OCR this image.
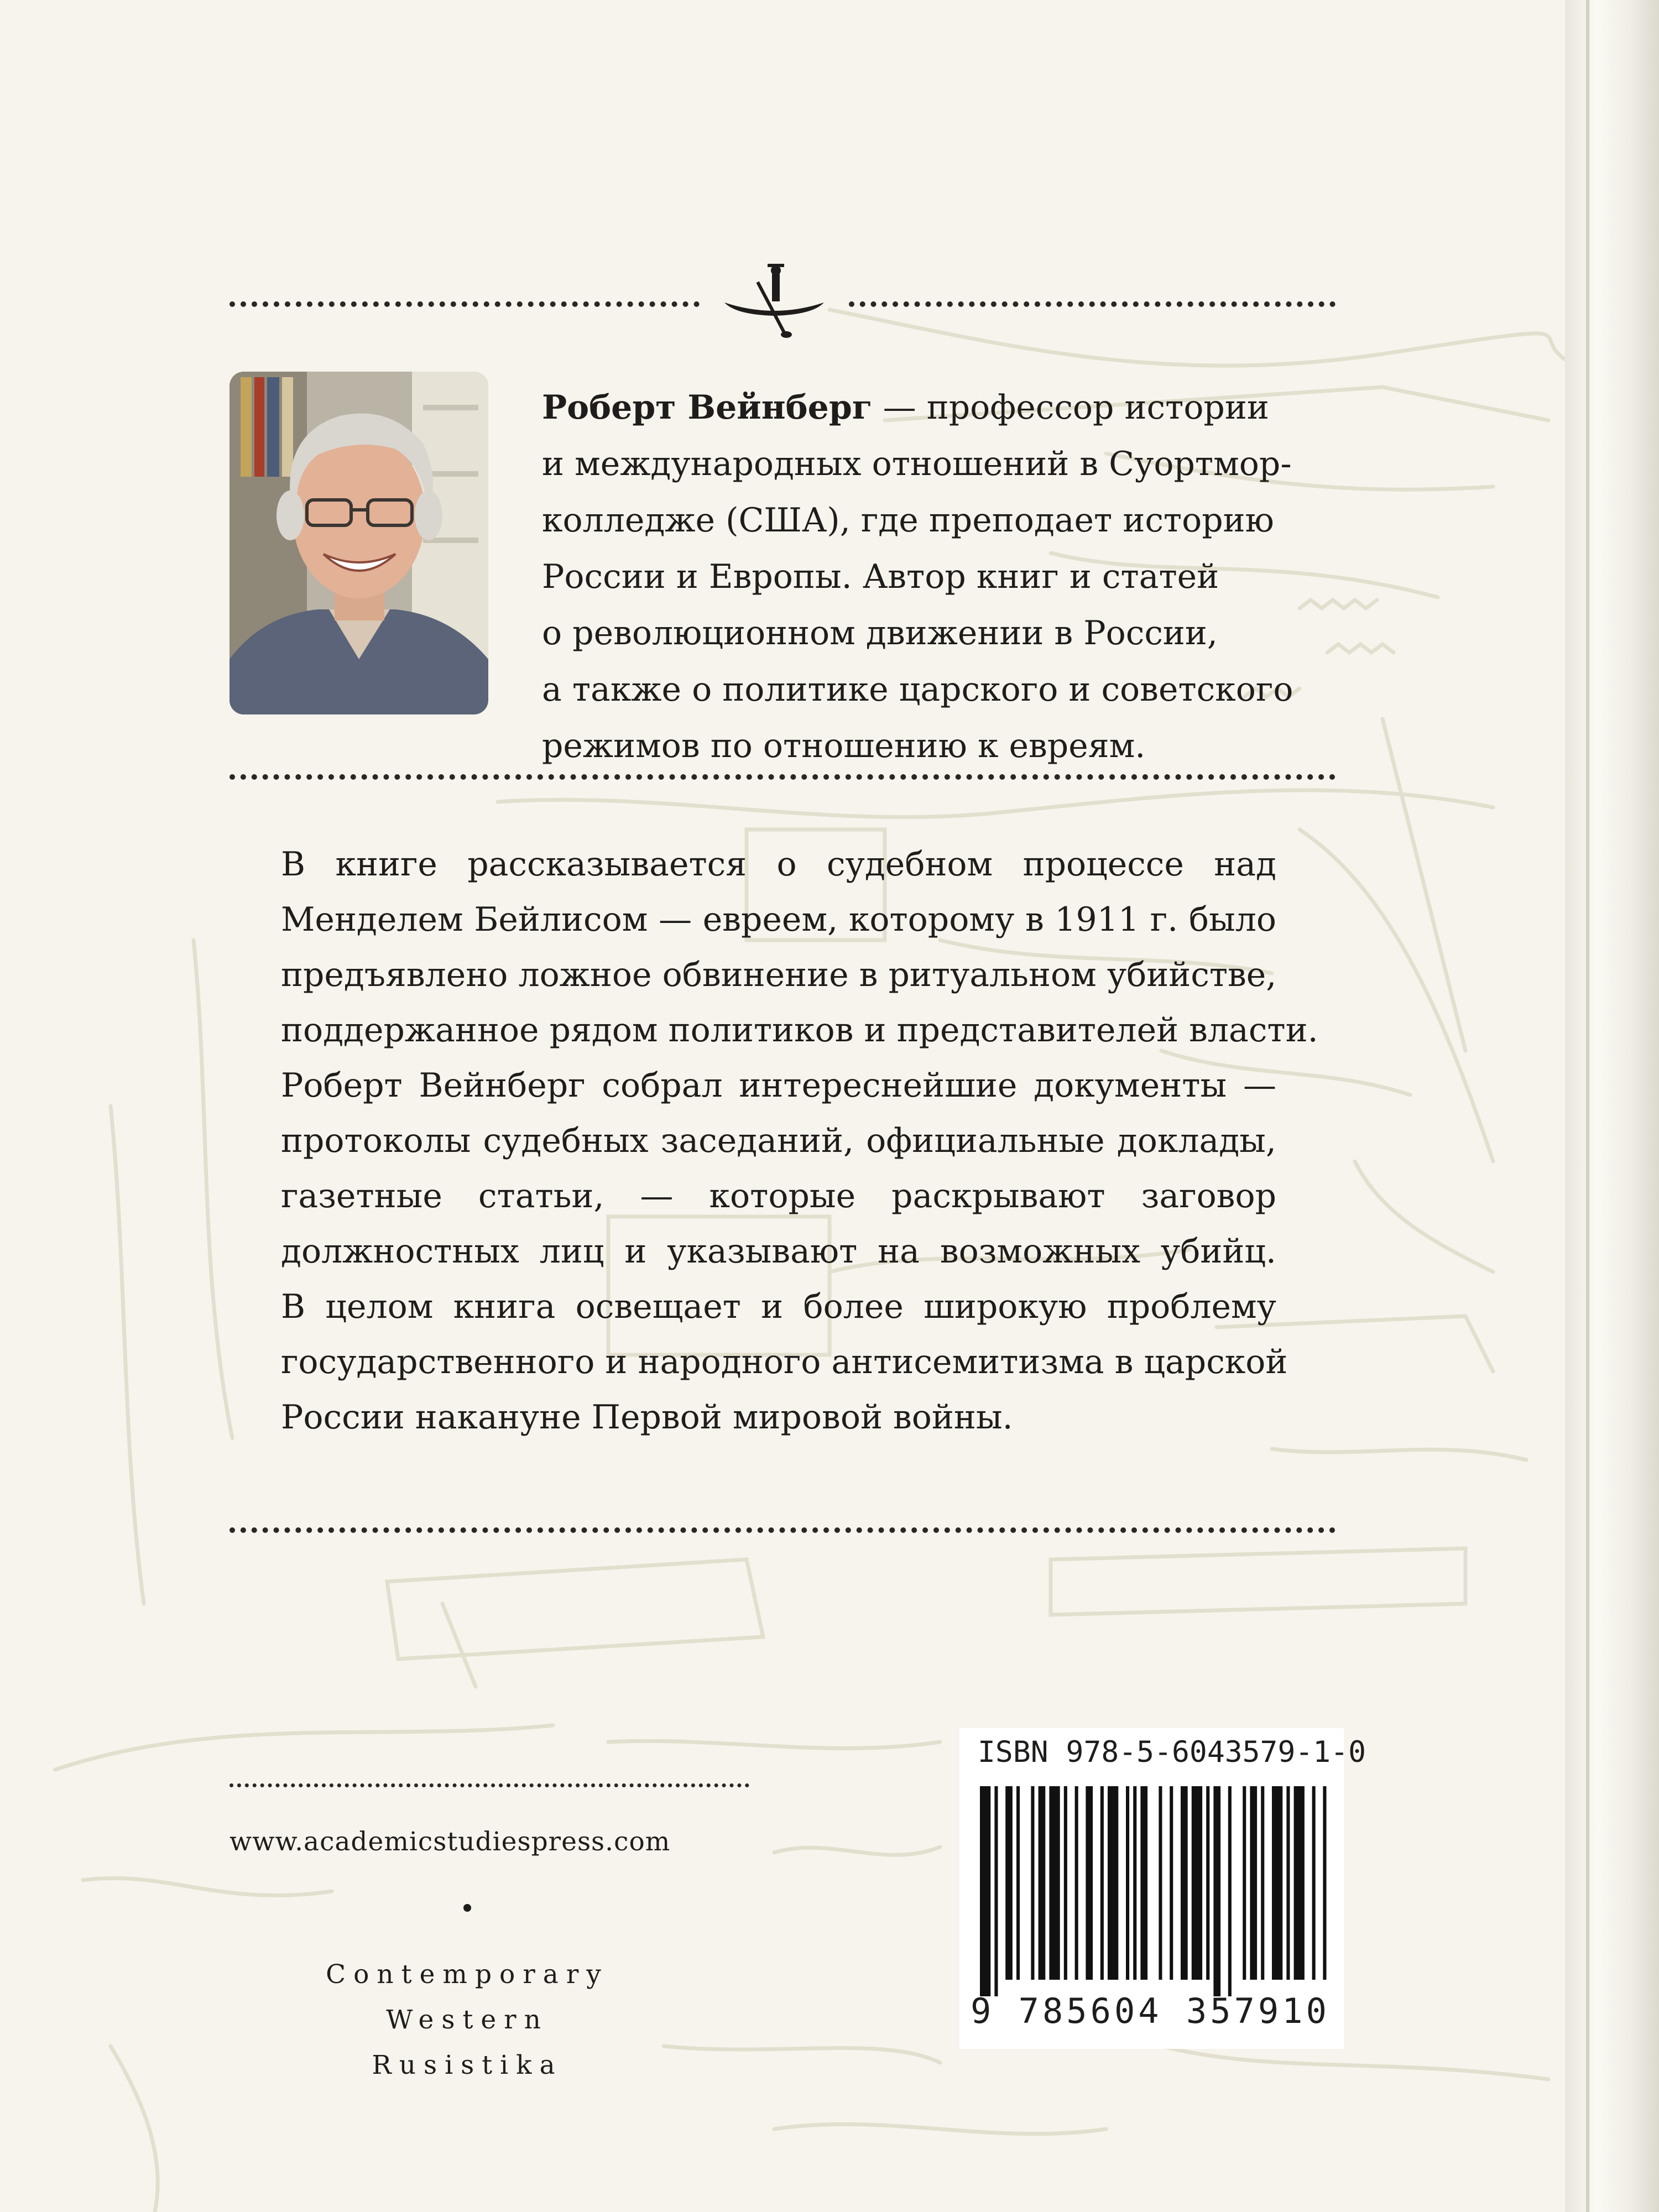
Роберт Вейнберг — профессор истории
и международных отношений в Суортмор-
колледже (США), где преподает историю
России и Европы. Автор книг и статей
о революционном движении в России,
а также о политике царского и советского
режимов по отношению к евреям.
В книге рассказывается о судебном процессе над
Менделем Бейлисом — евреем, которому в 1911 г. было
предъявлено ложное обвинение в ритуальном убийстве,
поддержанное рядом политиков и представителей власти.
Роберт Вейнберг собрал интереснейшие документы —
протоколы судебных заседаний, официальные доклады,
газетные статьи, — которые раскрывают заговор
должностных лиц и указывают на возможных убийц.
В целом книга освещает и более широкую проблему
государственного и народного антисемитизма в царской
России накануне Первой мировой войны.
www.academicstudiespress.com
Contemporary
Western
Rusistika
ISBN 978-5-6043579-1-0
9 785604 357910
